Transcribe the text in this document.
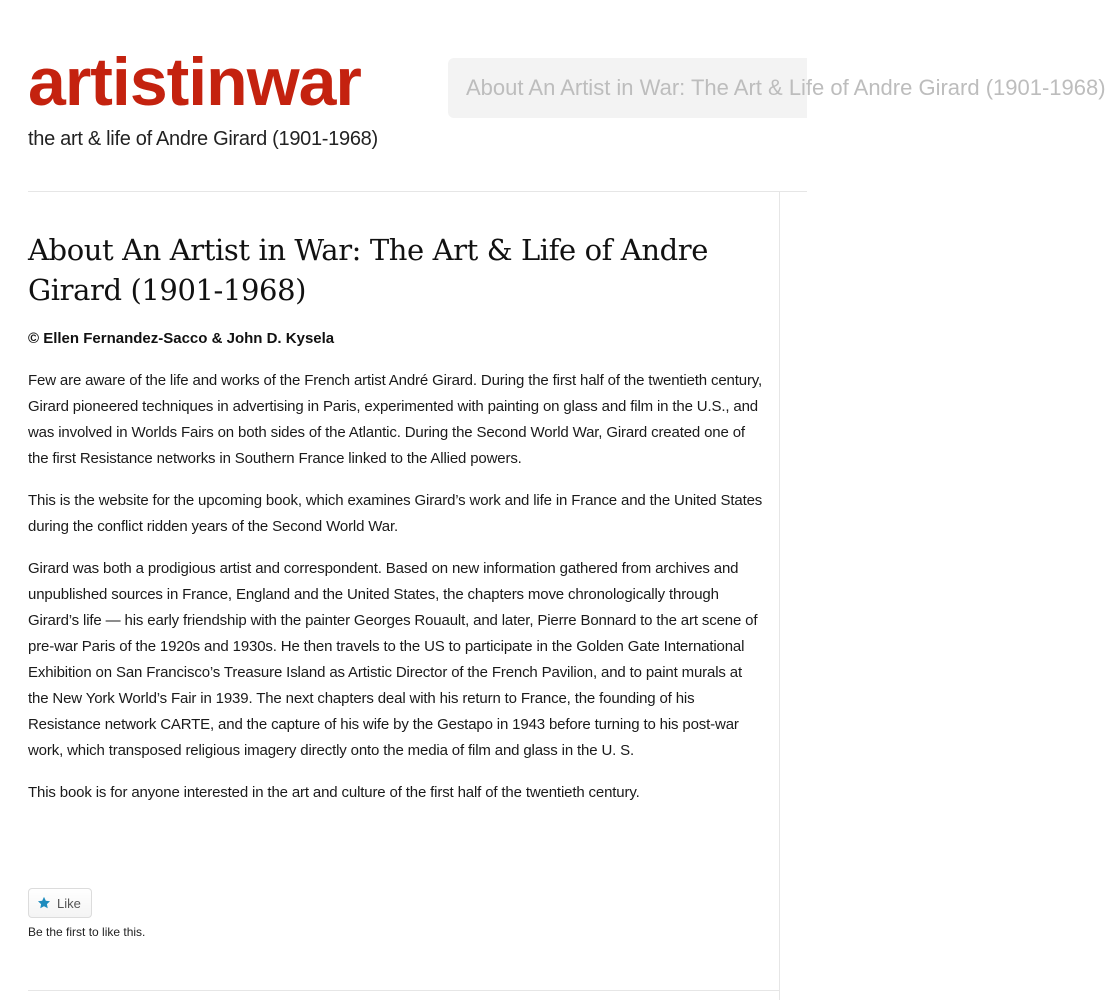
artistinwar

the art & life of Andre Girard (1901-1968)

About An Artist in War: The Art & Life of Andre Girard (1901-1968)
About An Artist in War: The Art & Life of Andre Girard (1901-1968)

© Ellen Fernandez-Sacco & John D. Kysela

Few are aware of the life and works of the French artist André Girard. During the first half of the twentieth century, Girard pioneered techniques in advertising in Paris, experimented with painting on glass and film in the U.S., and was involved in Worlds Fairs on both sides of the Atlantic. During the Second World War, Girard created one of the first Resistance networks in Southern France linked to the Allied powers.

This is the website for the upcoming book, which examines Girard’s work and life in France and the United States during the conflict ridden years of the Second World War.

Girard was both a prodigious artist and correspondent. Based on new information gathered from archives and unpublished sources in France, England and the United States, the chapters move chronologically through Girard’s life — his early friendship with the painter Georges Rouault, and later, Pierre Bonnard to the art scene of pre-war Paris of the 1920s and 1930s. He then travels to the US to participate in the Golden Gate International Exhibition on San Francisco’s Treasure Island as Artistic Director of the French Pavilion, and to paint murals at the New York World’s Fair in 1939. The next chapters deal with his return to France, the founding of his Resistance network CARTE, and the capture of his wife by the Gestapo in 1943 before turning to his post-war work, which transposed religious imagery directly onto the media of film and glass in the U. S.

This book is for anyone interested in the art and culture of the first half of the twentieth century.

Like

Be the first to like this.
